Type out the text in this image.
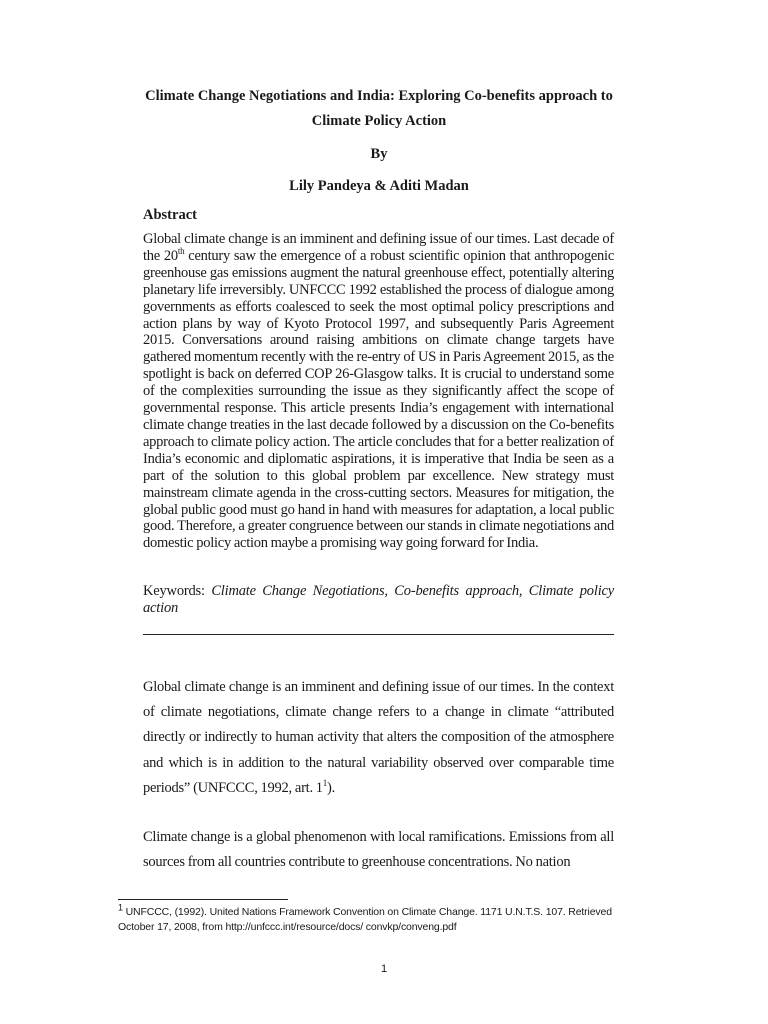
Climate Change Negotiations and India: Exploring Co-benefits approach to
Climate Policy Action
By
Lily Pandeya & Aditi Madan
Abstract

Global climate change is an imminent and defining issue of our times. Last decade of the 20th century saw the emergence of a robust scientific opinion that anthropogenic greenhouse gas emissions augment the natural greenhouse effect, potentially altering planetary life irreversibly. UNFCCC 1992 established the process of dialogue among governments as efforts coalesced to seek the most optimal policy prescriptions and action plans by way of Kyoto Protocol 1997, and subsequently Paris Agreement 2015. Conversations around raising ambitions on climate change targets have gathered momentum recently with the re-entry of US in Paris Agreement 2015, as the spotlight is back on deferred COP 26-Glasgow talks. It is crucial to understand some of the complexities surrounding the issue as they significantly affect the scope of governmental response. This article presents India’s engagement with international climate change treaties in the last decade followed by a discussion on the Co-benefits approach to climate policy action. The article concludes that for a better realization of India’s economic and diplomatic aspirations, it is imperative that India be seen as a part of the solution to this global problem par excellence. New strategy must mainstream climate agenda in the cross-cutting sectors. Measures for mitigation, the global public good must go hand in hand with measures for adaptation, a local public good. Therefore, a greater congruence between our stands in climate negotiations and domestic policy action maybe a promising way going forward for India.

Keywords: Climate Change Negotiations, Co-benefits approach, Climate policy action

Global climate change is an imminent and defining issue of our times. In the context of climate negotiations, climate change refers to a change in climate “attributed directly or indirectly to human activity that alters the composition of the atmosphere and which is in addition to the natural variability observed over comparable time periods” (UNFCCC, 1992, art. $1^1$).

Climate change is a global phenomenon with local ramifications. Emissions from all sources from all countries contribute to greenhouse concentrations. No nation

$^1$ UNFCCC, (1992). United Nations Framework Convention on Climate Change. 1171 U.N.T.S. 107. Retrieved October 17, 2008, from http://unfccc.int/resource/docs/ convkp/conveng.pdf

1
